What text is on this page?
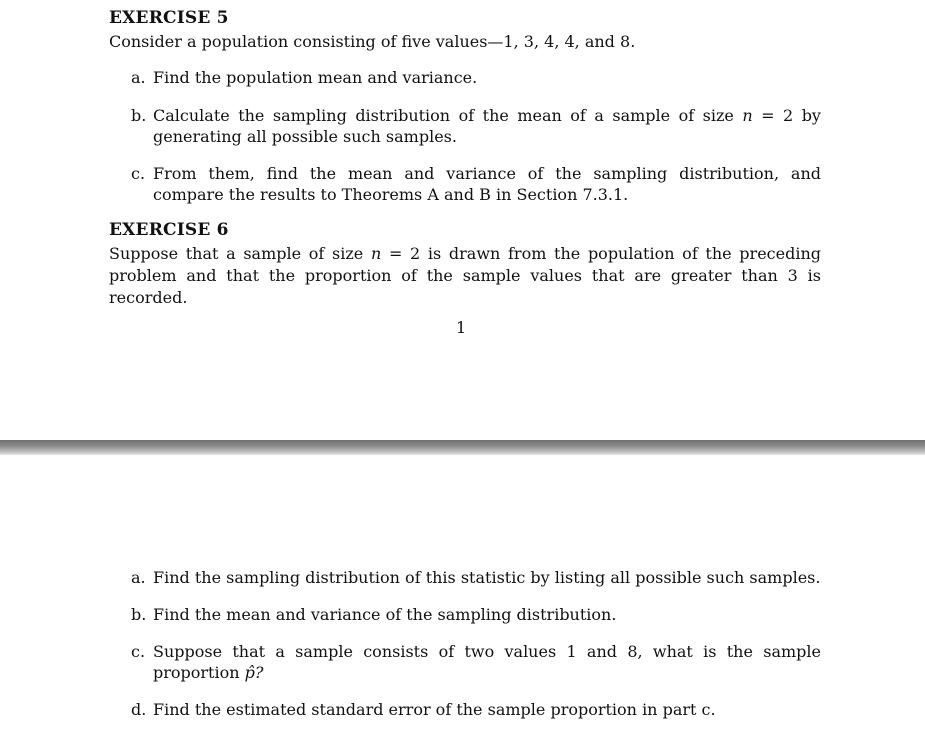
EXERCISE 5

Consider a population consisting of five values—1, 3, 4, 4, and 8.

a. Find the population mean and variance.
b. Calculate the sampling distribution of the mean of a sample of size n = 2 by generating all possible such samples.
c. From them, find the mean and variance of the sampling distribution, and compare the results to Theorems A and B in Section 7.3.1.
EXERCISE 6

Suppose that a sample of size n = 2 is drawn from the population of the preceding problem and that the proportion of the sample values that are greater than 3 is recorded.

1
a. Find the sampling distribution of this statistic by listing all possible such samples.
b. Find the mean and variance of the sampling distribution.
c. Suppose that a sample consists of two values 1 and 8, what is the sample proportion p̂?
d. Find the estimated standard error of the sample proportion in part c.
